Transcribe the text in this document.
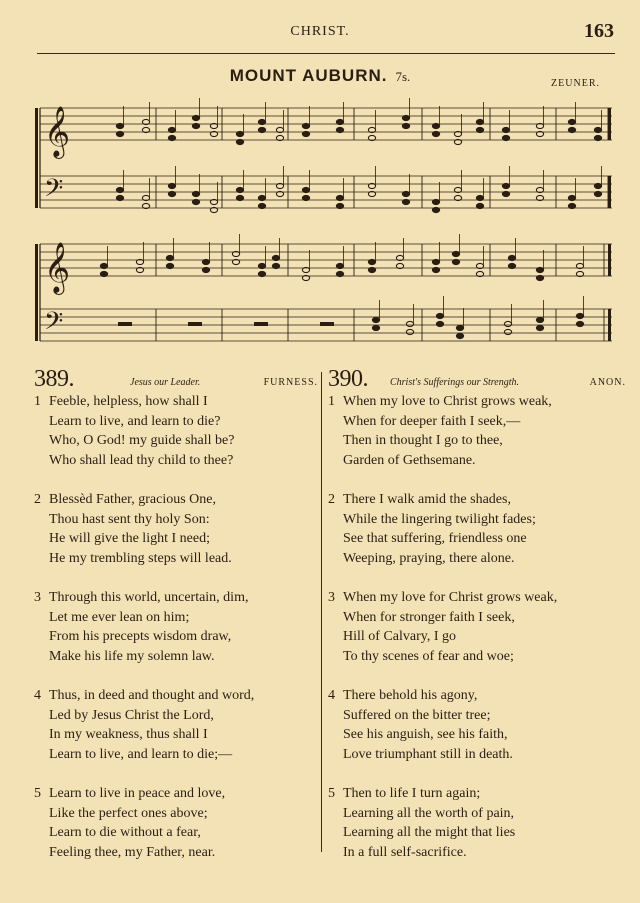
CHRIST.	163
MOUNT AUBURN. 7s.	ZEUNER.
𝄞
𝄢
𝄞
𝄢
389.	Jesus our Leader.	FURNESS.
1 Feeble, helpless, how shall I
Learn to live, and learn to die?
Who, O God! my guide shall be?
Who shall lead thy child to thee?
2 Blessèd Father, gracious One,
Thou hast sent thy holy Son:
He will give the light I need;
He my trembling steps will lead.
3 Through this world, uncertain, dim,
Let me ever lean on him;
From his precepts wisdom draw,
Make his life my solemn law.
4 Thus, in deed and thought and word,
Led by Jesus Christ the Lord,
In my weakness, thus shall I
Learn to live, and learn to die;—
5 Learn to live in peace and love,
Like the perfect ones above;
Learn to die without a fear,
Feeling thee, my Father, near.
390. Christ's Sufferings our Strength.	ANON.
1 When my love to Christ grows weak,
When for deeper faith I seek,—
Then in thought I go to thee,
Garden of Gethsemane.
2 There I walk amid the shades,
While the lingering twilight fades;
See that suffering, friendless one
Weeping, praying, there alone.
3 When my love for Christ grows weak,
When for stronger faith I seek,
Hill of Calvary, I go
To thy scenes of fear and woe;
4 There behold his agony,
Suffered on the bitter tree;
See his anguish, see his faith,
Love triumphant still in death.
5 Then to life I turn again;
Learning all the worth of pain,
Learning all the might that lies
In a full self-sacrifice.
